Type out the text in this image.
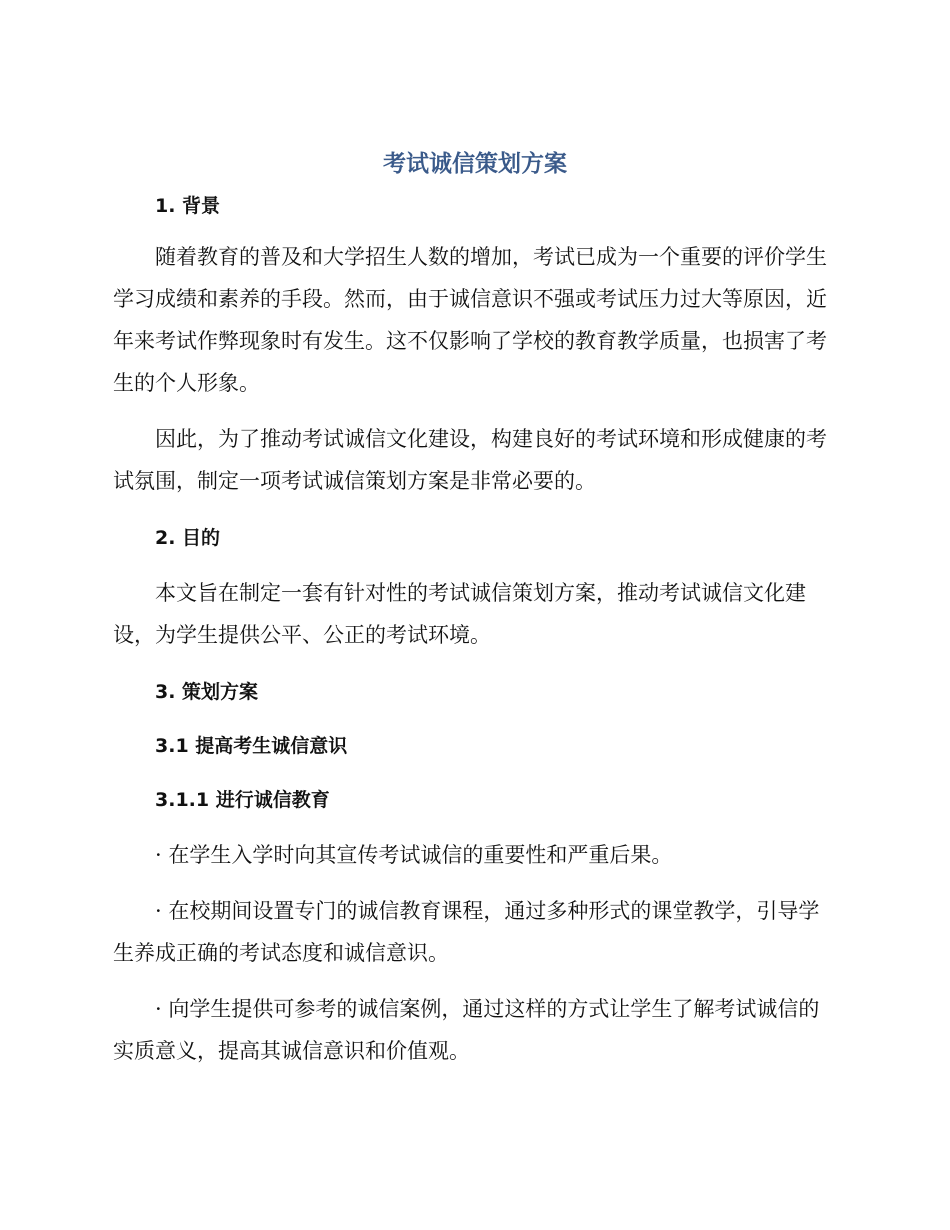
考试诚信策划方案
1. 背景

随着教育的普及和大学招生人数的增加，考试已成为一个重要的评价学生学习成绩和素养的手段。然而，由于诚信意识不强或考试压力过大等原因，近年来考试作弊现象时有发生。这不仅影响了学校的教育教学质量，也损害了考生的个人形象。

因此，为了推动考试诚信文化建设，构建良好的考试环境和形成健康的考试氛围，制定一项考试诚信策划方案是非常必要的。

2. 目的

本文旨在制定一套有针对性的考试诚信策划方案，推动考试诚信文化建设，为学生提供公平、公正的考试环境。

3. 策划方案
3.1 提高考生诚信意识
3.1.1 进行诚信教育

· 在学生入学时向其宣传考试诚信的重要性和严重后果。

· 在校期间设置专门的诚信教育课程，通过多种形式的课堂教学，引导学生养成正确的考试态度和诚信意识。

· 向学生提供可参考的诚信案例，通过这样的方式让学生了解考试诚信的实质意义，提高其诚信意识和价值观。
